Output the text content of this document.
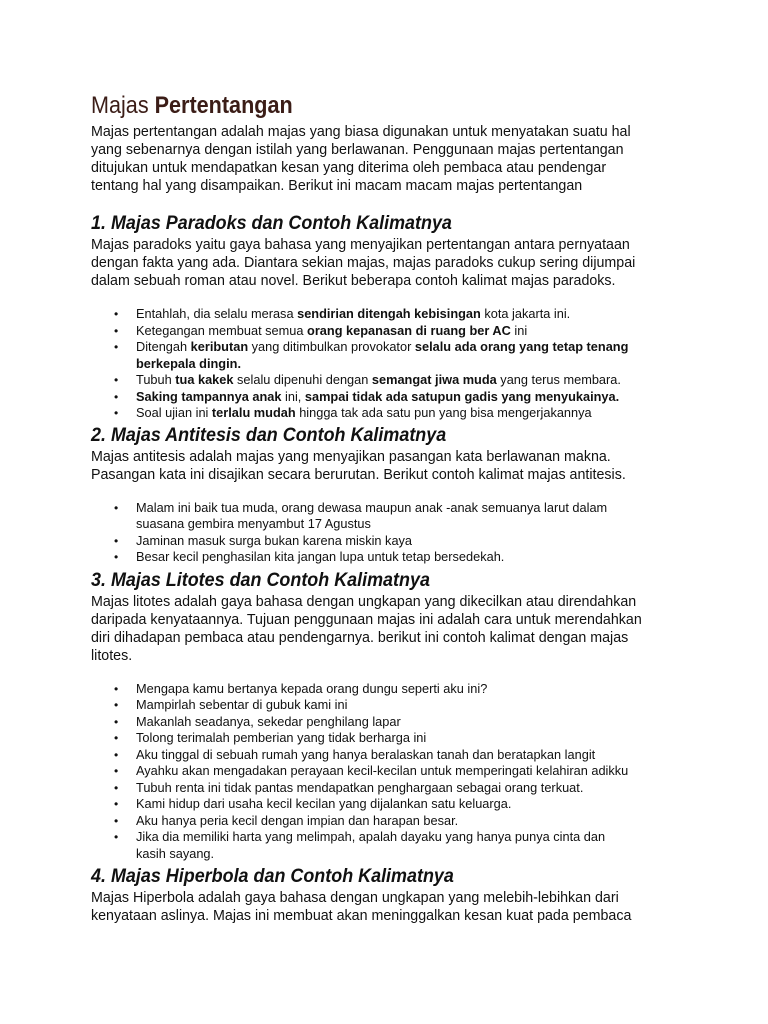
Majas Pertentangan
Majas pertentangan adalah majas yang biasa digunakan untuk menyatakan suatu hal
yang sebenarnya dengan istilah yang berlawanan. Penggunaan majas pertentangan
ditujukan untuk mendapatkan kesan yang diterima oleh pembaca atau pendengar
tentang hal yang disampaikan. Berikut ini macam macam majas pertentangan
1. Majas Paradoks dan Contoh Kalimatnya
Majas paradoks yaitu gaya bahasa yang menyajikan pertentangan antara pernyataan
dengan fakta yang ada. Diantara sekian majas, majas paradoks cukup sering dijumpai
dalam sebuah roman atau novel. Berikut beberapa contoh kalimat majas paradoks.
• Entahlah, dia selalu merasa sendirian ditengah kebisingan kota jakarta ini.
• Ketegangan membuat semua orang kepanasan di ruang ber AC ini
• Ditengah keributan yang ditimbulkan provokator selalu ada orang yang tetap tenang
berkepala dingin.
• Tubuh tua kakek selalu dipenuhi dengan semangat jiwa muda yang terus membara.
• Saking tampannya anak ini, sampai tidak ada satupun gadis yang menyukainya.
• Soal ujian ini terlalu mudah hingga tak ada satu pun yang bisa mengerjakannya
2. Majas Antitesis dan Contoh Kalimatnya
Majas antitesis adalah majas yang menyajikan pasangan kata berlawanan makna.
Pasangan kata ini disajikan secara berurutan. Berikut contoh kalimat majas antitesis.
• Malam ini baik tua muda, orang dewasa maupun anak -anak semuanya larut dalam
suasana gembira menyambut 17 Agustus
• Jaminan masuk surga bukan karena miskin kaya
• Besar kecil penghasilan kita jangan lupa untuk tetap bersedekah.
3. Majas Litotes dan Contoh Kalimatnya
Majas litotes adalah gaya bahasa dengan ungkapan yang dikecilkan atau direndahkan
daripada kenyataannya. Tujuan penggunaan majas ini adalah cara untuk merendahkan
diri dihadapan pembaca atau pendengarnya. berikut ini contoh kalimat dengan majas
litotes.
• Mengapa kamu bertanya kepada orang dungu seperti aku ini?
• Mampirlah sebentar di gubuk kami ini
• Makanlah seadanya, sekedar penghilang lapar
• Tolong terimalah pemberian yang tidak berharga ini
• Aku tinggal di sebuah rumah yang hanya beralaskan tanah dan beratapkan langit
• Ayahku akan mengadakan perayaan kecil-kecilan untuk memperingati kelahiran adikku
• Tubuh renta ini tidak pantas mendapatkan penghargaan sebagai orang terkuat.
• Kami hidup dari usaha kecil kecilan yang dijalankan satu keluarga.
• Aku hanya peria kecil dengan impian dan harapan besar.
• Jika dia memiliki harta yang melimpah, apalah dayaku yang hanya punya cinta dan
kasih sayang.
4. Majas Hiperbola dan Contoh Kalimatnya
Majas Hiperbola adalah gaya bahasa dengan ungkapan yang melebih-lebihkan dari
kenyataan aslinya. Majas ini membuat akan meninggalkan kesan kuat pada pembaca
